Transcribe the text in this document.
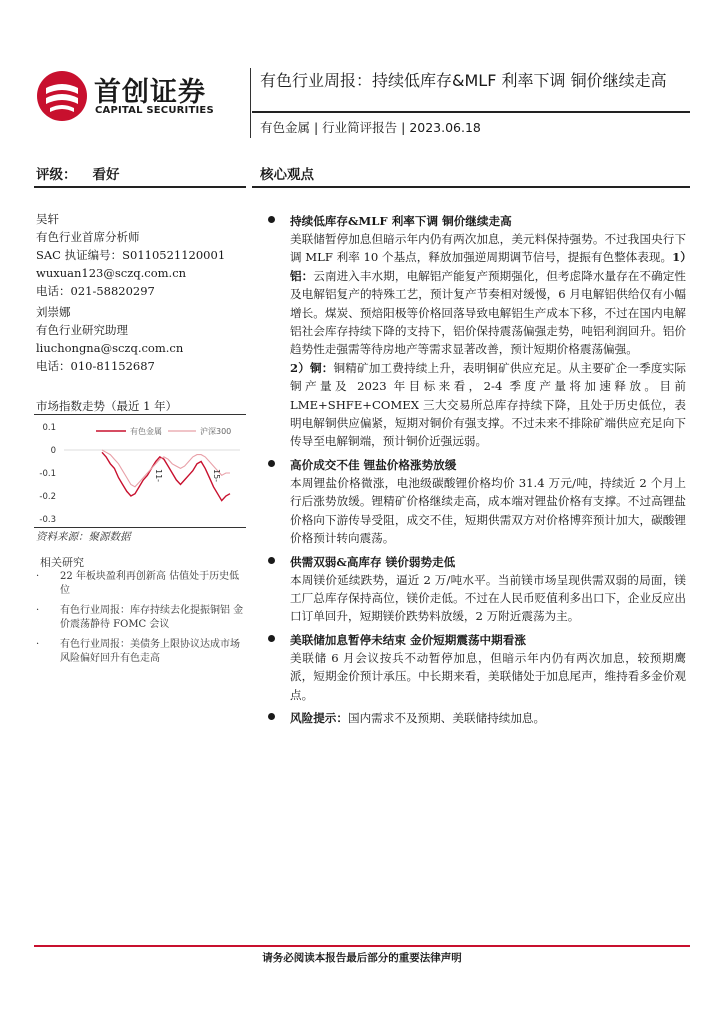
首创证券
CAPITAL SECURITIES
有色行业周报：持续低库存&MLF 利率下调 铜价继续走高
有色金属 | 行业简评报告 | 2023.06.18
评级： 看好	核心观点
吴轩
有色行业首席分析师
SAC 执证编号：S0110521120001
wuxuan123@sczq.com.cn
电话：021-58820297
刘崇娜
有色行业研究助理
liuchongna@sczq.com.cn
电话：010-81152687
市场指数走势（最近 1 年）
0.1
0
-0.1
-0.2
-0.3
有色金属	沪深300
11-	15-
资料来源：聚源数据
相关研究
· 22 年板块盈利再创新高 估值处于历史低位
· 有色行业周报：库存持续去化提振铜铝 金价震荡静待 FOMC 会议
· 有色行业周报：美债务上限协议达成市场风险偏好回升有色走高
持续低库存&MLF 利率下调 铜价继续走高

美联储暂停加息但暗示年内仍有两次加息，美元料保持强势。不过我国央行下调 MLF 利率 10 个基点，释放加强逆周期调节信号，提振有色整体表现。1）铝：云南进入丰水期，电解铝产能复产预期强化，但考虑降水量存在不确定性及电解铝复产的特殊工艺，预计复产节奏相对缓慢，6 月电解铝供给仅有小幅增长。煤炭、预焙阳极等价格回落导致电解铝生产成本下移，不过在国内电解铝社会库存持续下降的支持下，铝价保持震荡偏强走势，吨铝利润回升。铝价趋势性走强需等待房地产等需求显著改善，预计短期价格震荡偏强。

2）铜：铜精矿加工费持续上升，表明铜矿供应充足。从主要矿企一季度实际铜产量及 2023 年目标来看，2-4 季度产量将加速释放。目前 LME+SHFE+COMEX 三大交易所总库存持续下降，且处于历史低位，表明电解铜供应偏紧，短期对铜价有强支撑。不过未来不排除矿端供应充足向下传导至电解铜端，预计铜价近强远弱。

高价成交不佳 锂盐价格涨势放缓

本周锂盐价格微涨，电池级碳酸锂价格均价 31.4 万元/吨，持续近 2 个月上行后涨势放缓。锂精矿价格继续走高，成本端对锂盐价格有支撑。不过高锂盐价格向下游传导受阻，成交不佳，短期供需双方对价格博弈预计加大，碳酸锂价格预计转向震荡。

供需双弱&高库存 镁价弱势走低

本周镁价延续跌势，逼近 2 万/吨水平。当前镁市场呈现供需双弱的局面，镁工厂总库存保持高位，镁价走低。不过在人民币贬值利多出口下，企业反应出口订单回升，短期镁价跌势料放缓，2 万附近震荡为主。

美联储加息暂停未结束 金价短期震荡中期看涨

美联储 6 月会议按兵不动暂停加息，但暗示年内仍有两次加息，较预期鹰派，短期金价预计承压。中长期来看，美联储处于加息尾声，维持看多金价观点。

风险提示：国内需求不及预期、美联储持续加息。
请务必阅读本报告最后部分的重要法律声明
